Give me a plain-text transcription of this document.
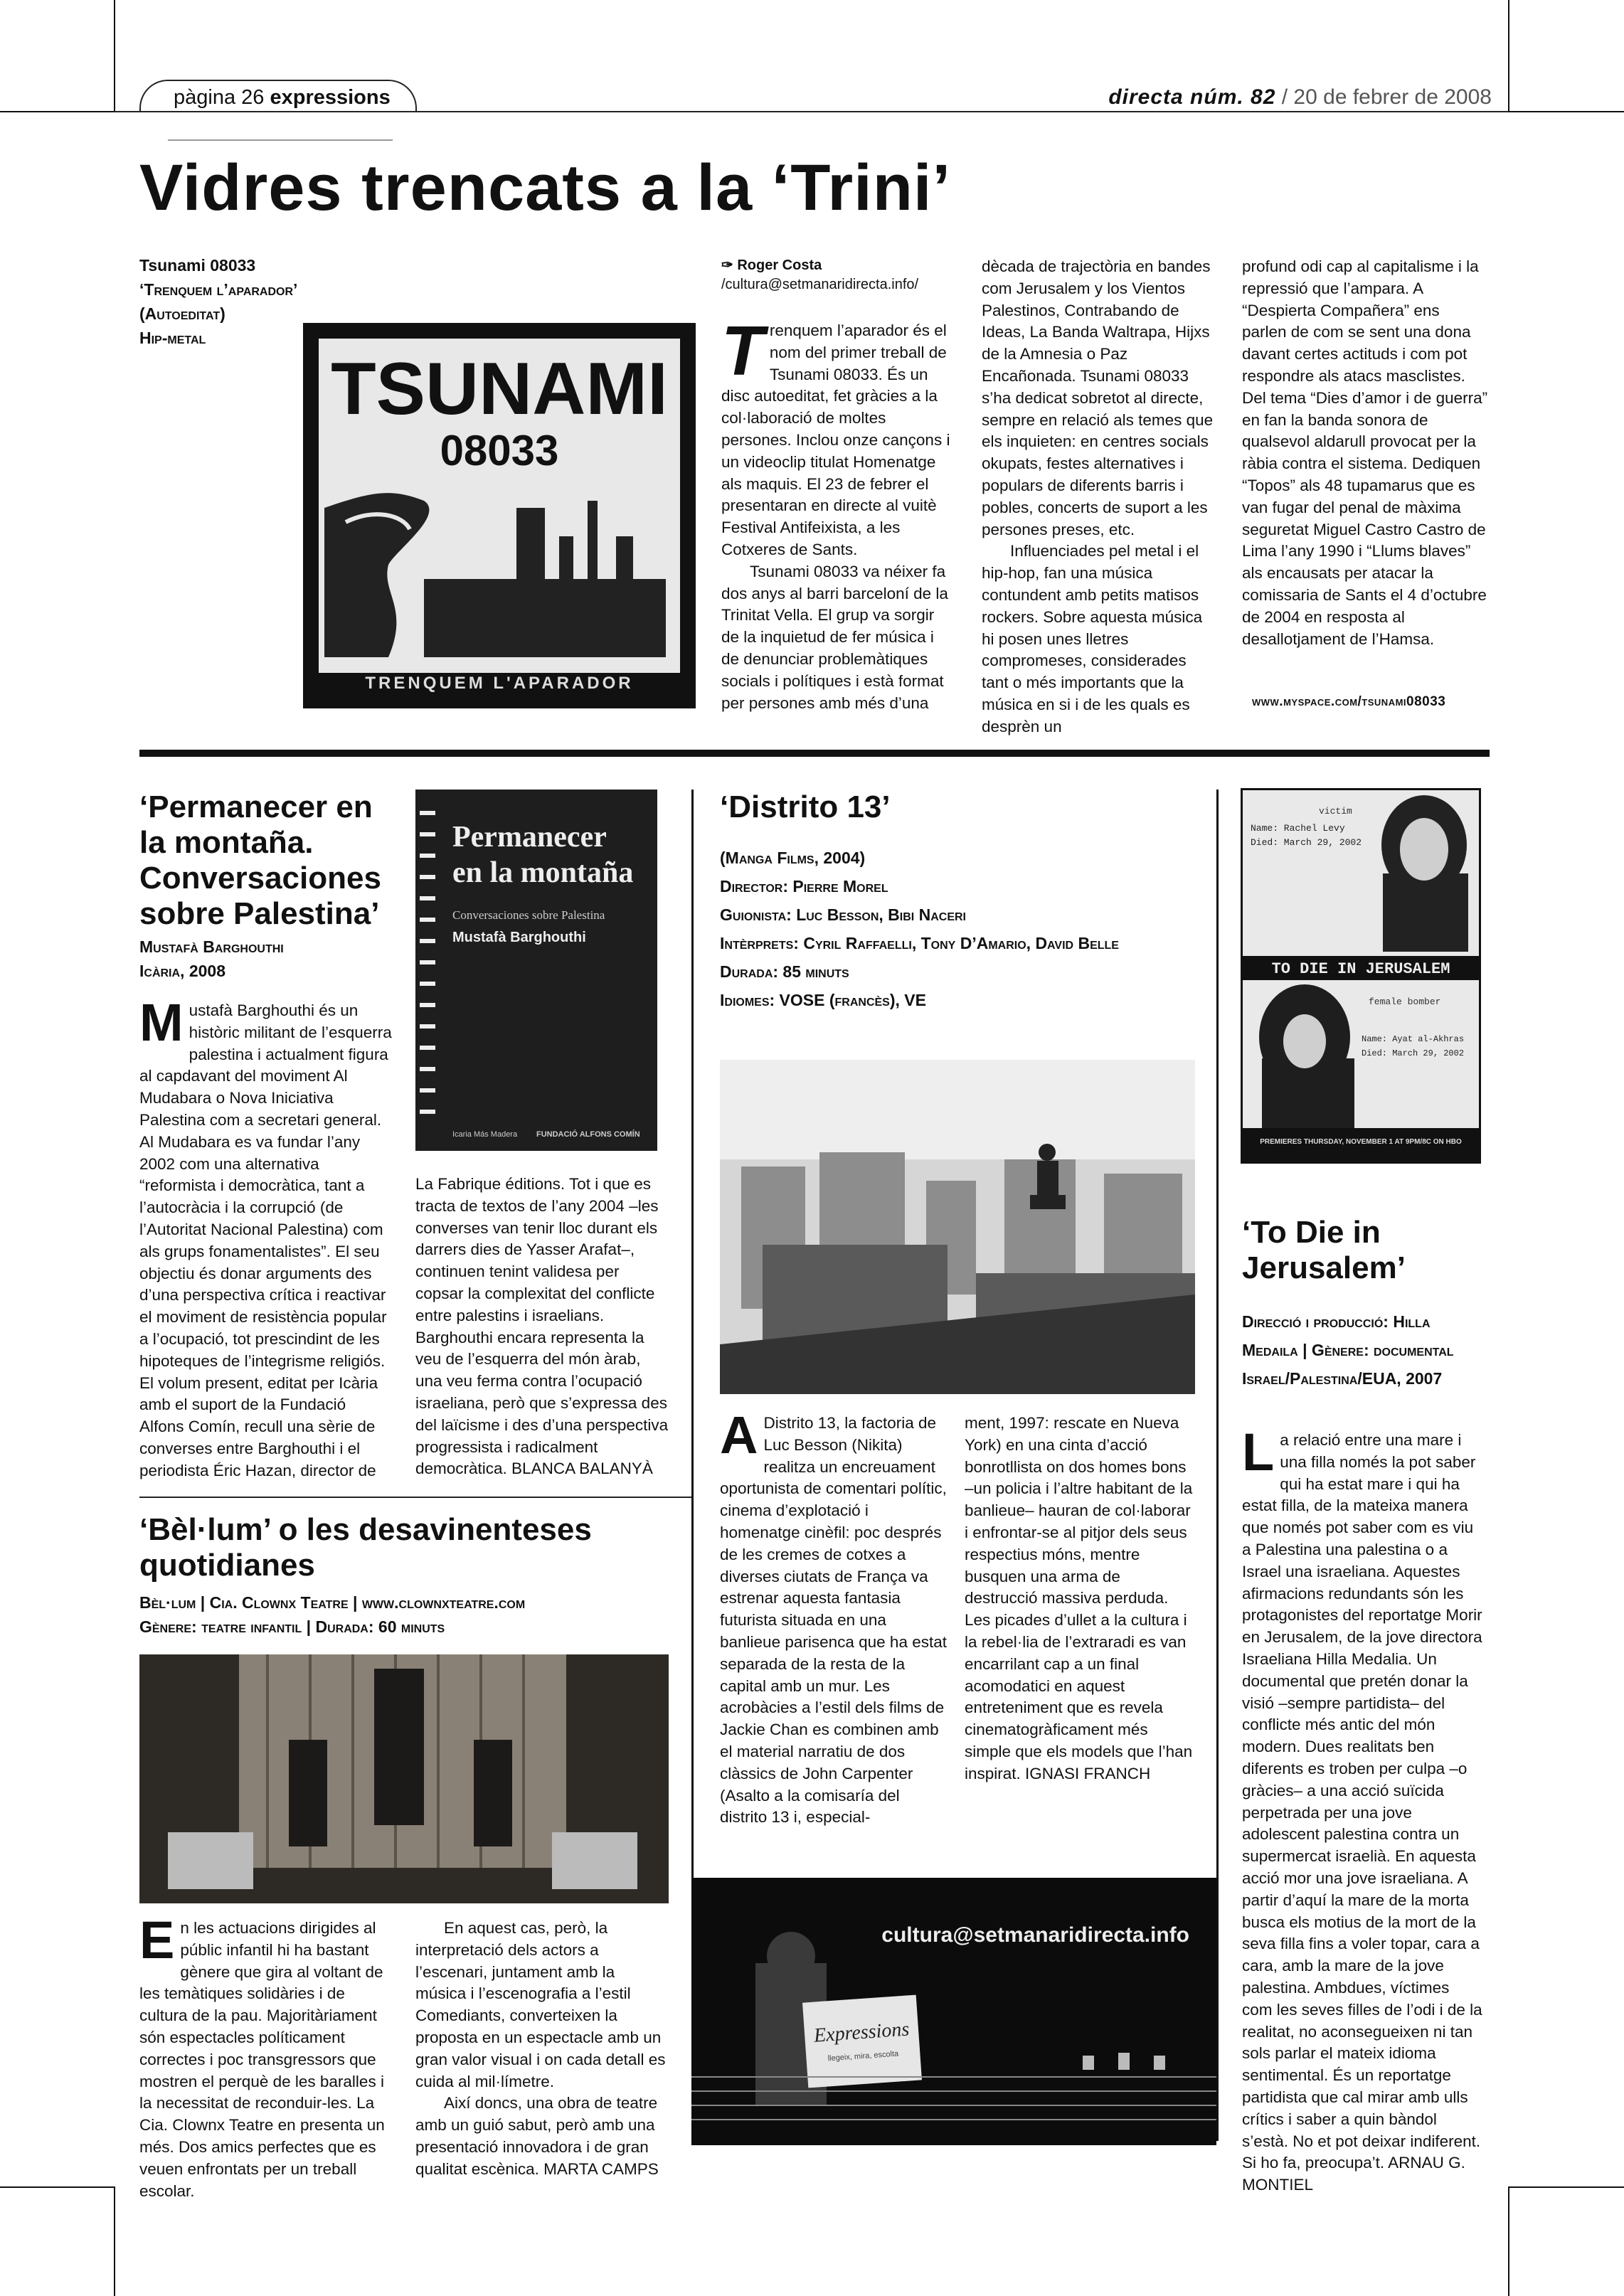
pàgina 26 expressions	directa núm. 82 / 20 de febrer de 2008
Vidres trencats a la ‘Trini’
Tsunami 08033
‘Trenquem l’aparador’
(Autoeditat)
Hip-metal
TSUNAMI
08033
TRENQUEM L'APARADOR
✑ Roger Costa
/cultura@setmanaridirecta.info/

Trenquem l’aparador és el nom del primer treball de Tsunami 08033. És un disc autoeditat, fet gràcies a la col·laboració de moltes persones. Inclou onze cançons i un videoclip titulat Homenatge als maquis. El 23 de febrer el presentaran en directe al vuitè Festival Antifeixista, a les Cotxeres de Sants.

Tsunami 08033 va néixer fa dos anys al barri barceloní de la Trinitat Vella. El grup va sorgir de la inquietud de fer música i de denunciar problemàtiques socials i polítiques i està format per persones amb més d’una

dècada de trajectòria en bandes com Jerusalem y los Vientos Palestinos, Contrabando de Ideas, La Banda Waltrapa, Hijxs de la Amnesia o Paz Encañonada. Tsunami 08033 s’ha dedicat sobretot al directe, sempre en relació als temes que els inquieten: en centres socials okupats, festes alternatives i populars de diferents barris i pobles, concerts de suport a les persones preses, etc.

Influenciades pel metal i el hip-hop, fan una música contundent amb petits matisos rockers. Sobre aquesta música hi posen unes lletres compromeses, considerades tant o més importants que la música en si i de les quals es desprèn un

profund odi cap al capitalisme i la repressió que l’ampara. A “Despierta Compañera” ens parlen de com se sent una dona davant certes actituds i com pot respondre als atacs masclistes. Del tema “Dies d’amor i de guerra” en fan la banda sonora de qualsevol aldarull provocat per la ràbia contra el sistema. Dediquen “Topos” als 48 tupamarus que es van fugar del penal de màxima seguretat Miguel Castro Castro de Lima l’any 1990 i “Llums blaves” als encausats per atacar la comissaria de Sants el 4 d’octubre de 2004 en resposta al desallotjament de l’Hamsa.

www.myspace.com/tsunami08033
‘Permanecer en la montaña. Conversaciones sobre Palestina’
Mustafà Barghouthi
Icària, 2008
Permanecer
en la montaña
Conversaciones sobre Palestina
Mustafà Barghouthi
Icaria Más Madera FUNDACIÓ ALFONS COMÍN

Mustafà Barghouthi és un històric militant de l’esquerra palestina i actualment figura al capdavant del moviment Al Mudabara o Nova Iniciativa Palestina com a secretari general. Al Mudabara es va fundar l’any 2002 com una alternativa “reformista i democràtica, tant a l’autocràcia i la corrupció (de l’Autoritat Nacional Palestina) com als grups fonamentalistes”. El seu objectiu és donar arguments des d’una perspectiva crítica i reactivar el moviment de resistència popular a l’ocupació, tot prescindint de les hipoteques de l’integrisme religiós. El volum present, editat per Icària amb el suport de la Fundació Alfons Comín, recull una sèrie de converses entre Barghouthi i el periodista Éric Hazan, director de

La Fabrique éditions. Tot i que es tracta de textos de l’any 2004 –les converses van tenir lloc durant els darrers dies de Yasser Arafat–, continuen tenint validesa per copsar la complexitat del conflicte entre palestins i israelians. Barghouthi encara representa la veu de l’esquerra del món àrab, una veu ferma contra l’ocupació israeliana, però que s’expressa des del laïcisme i des d’una perspectiva progressista i radicalment democràtica. BLANCA BALANYÀ

‘Bèl·lum’ o les desavinenteses quotidianes
Bèl·lum | Cia. Clownx Teatre | www.clownxteatre.com
Gènere: teatre infantil | Durada: 60 minuts

En les actuacions dirigides al públic infantil hi ha bastant gènere que gira al voltant de les temàtiques solidàries i de cultura de la pau. Majoritàriament són espectacles políticament correctes i poc transgressors que mostren el perquè de les baralles i la necessitat de reconduir-les. La Cia. Clownx Teatre en presenta un més. Dos amics perfectes que es veuen enfrontats per un treball escolar.

En aquest cas, però, la interpretació dels actors a l’escenari, juntament amb la música i l’escenografia a l’estil Comediants, converteixen la proposta en un espectacle amb un gran valor visual i on cada detall es cuida al mil·límetre.

Així doncs, una obra de teatre amb un guió sabut, però amb una presentació innovadora i de gran qualitat escènica. MARTA CAMPS

‘Distrito 13’
(Manga Films, 2004)
Director: Pierre Morel
Guionista: Luc Besson, Bibi Naceri
Intèrprets: Cyril Raffaelli, Tony D’Amario, David Belle
Durada: 85 minuts
Idiomes: VOSE (francès), VE

A Distrito 13, la factoria de Luc Besson (Nikita) realitza un encreuament oportunista de comentari polític, cinema d’explotació i homenatge cinèfil: poc després de les cremes de cotxes a diverses ciutats de França va estrenar aquesta fantasia futurista situada en una banlieue parisenca que ha estat separada de la resta de la capital amb un mur. Les acrobàcies a l’estil dels films de Jackie Chan es combinen amb el material narratiu de dos clàssics de John Carpenter (Asalto a la comisaría del distrito 13 i, especial-

ment, 1997: rescate en Nueva York) en una cinta d’acció bonrotllista on dos homes bons –un policia i l’altre habitant de la banlieue– hauran de col·laborar i enfrontar-se al pitjor dels seus respectius móns, mentre busquen una arma de destrucció massiva perduda. Les picades d’ullet a la cultura i la rebel·lia de l’extraradi es van encarrilant cap a un final acomodatici en aquest entreteniment que es revela cinematogràficament més simple que els models que l’han inspirat. IGNASI FRANCH

Expressions
llegeix, mira, escolta
cultura@setmanaridirecta.info
victim
Name: Rachel Levy
Died: March 29, 2002
TO DIE IN JERUSALEM
female bomber
Name: Ayat al-Akhras
Died: March 29, 2002
PREMIERES THURSDAY, NOVEMBER 1 AT 9PM/8C ON HBO
‘To Die in Jerusalem’
Direcció i producció: Hilla Medaila | Gènere: documental Israel/Palestina/EUA, 2007

La relació entre una mare i una filla només la pot saber qui ha estat mare i qui ha estat filla, de la mateixa manera que només pot saber com es viu a Palestina una palestina o a Israel una israeliana. Aquestes afirmacions redundants són les protagonistes del reportatge Morir en Jerusalem, de la jove directora Israeliana Hilla Medalia. Un documental que pretén donar la visió –sempre partidista– del conflicte més antic del món modern. Dues realitats ben diferents es troben per culpa –o gràcies– a una acció suïcida perpetrada per una jove adolescent palestina contra un supermercat israelià. En aquesta acció mor una jove israeliana. A partir d’aquí la mare de la morta busca els motius de la mort de la seva filla fins a voler topar, cara a cara, amb la mare de la jove palestina. Ambdues, víctimes com les seves filles de l’odi i de la realitat, no aconsegueixen ni tan sols parlar el mateix idioma sentimental. És un reportatge partidista que cal mirar amb ulls crítics i saber a quin bàndol s’està. No et pot deixar indiferent. Si ho fa, preocupa’t. ARNAU G. MONTIEL
